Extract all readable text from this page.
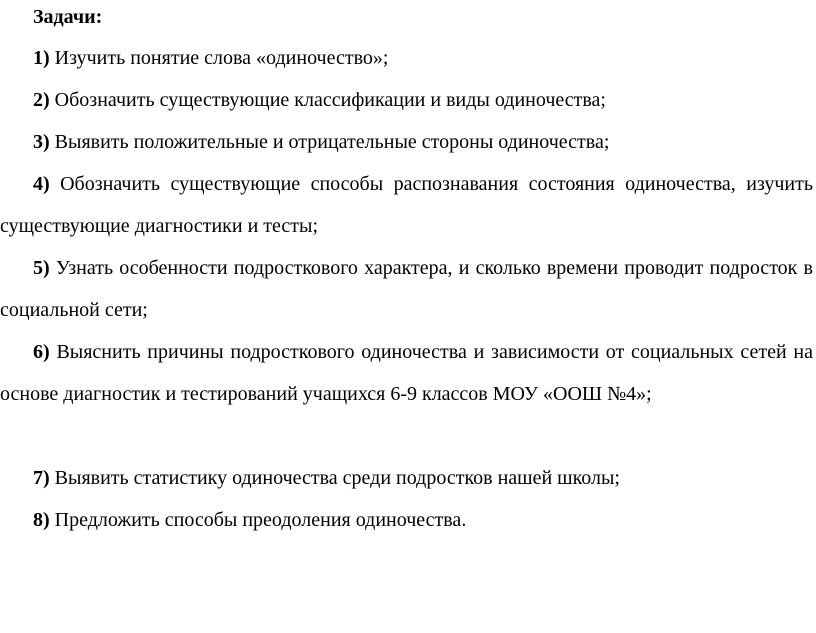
Задачи:

1) Изучить понятие слова «одиночество»;

2) Обозначить существующие классификации и виды одиночества;

3) Выявить положительные и отрицательные стороны одиночества;

4) Обозначить существующие способы распознавания состояния одиночества, изучить существующие диагностики и тесты;

5) Узнать особенности подросткового характера, и сколько времени проводит подросток в социальной сети;

6) Выяснить причины подросткового одиночества и зависимости от социальных сетей на основе диагностик и тестирований учащихся 6-9 классов МОУ «ООШ №4»;

7) Выявить статистику одиночества среди подростков нашей школы;

8) Предложить способы преодоления одиночества.
